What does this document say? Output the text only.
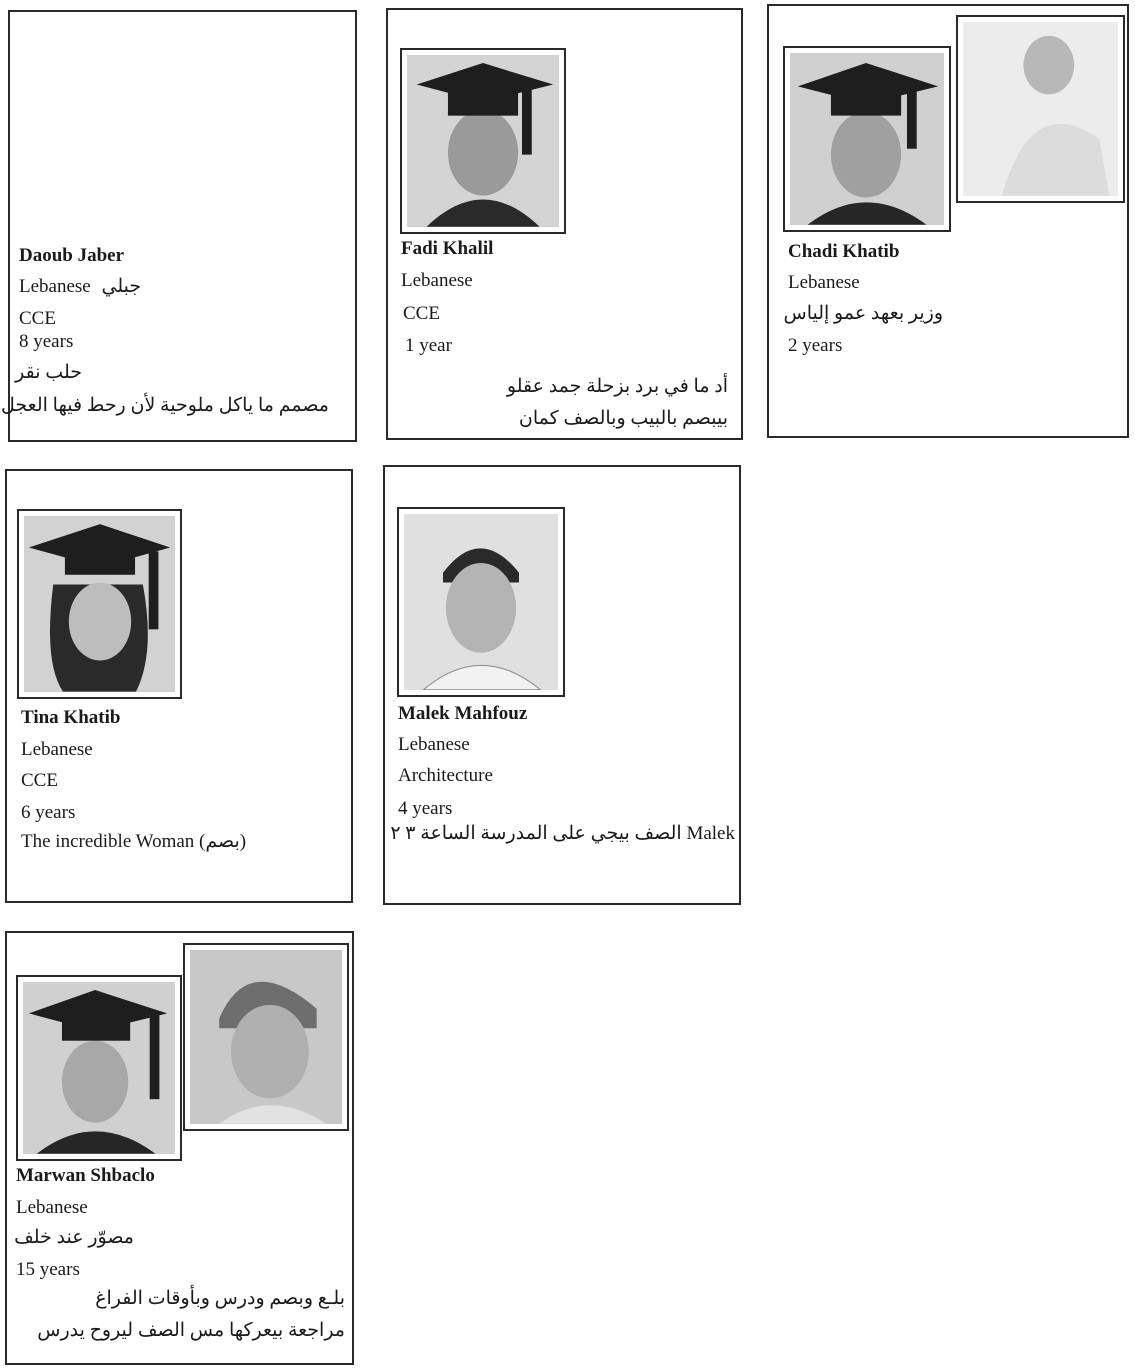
Daoub Jaber
Lebanese جبلي
CCE
8 years
حلب نقر
مصمم ما ياكل ملوحية لأن رحط فيها العجل
Fadi Khalil
Lebanese
CCE
1 year
أد ما في برد بزحلة جمد عقلو
بيبصم بالبيب وبالصف كمان
Chadi Khatib
Lebanese
وزير بعهد عمو إلياس
2 years
Tina Khatib
Lebanese
CCE
6 years
The incredible Woman (بصم)
Malek Mahfouz
Lebanese
Architecture
4 years
Malek الصف بيجي على المدرسة الساعة ٣ ٢
Marwan Shbaclo
Lebanese
مصوّر عند خلف
15 years
بلـع وبصم ودرس وبأوقات الفراغ
مراجعة بيعركها مس الصف ليروح يدرس
